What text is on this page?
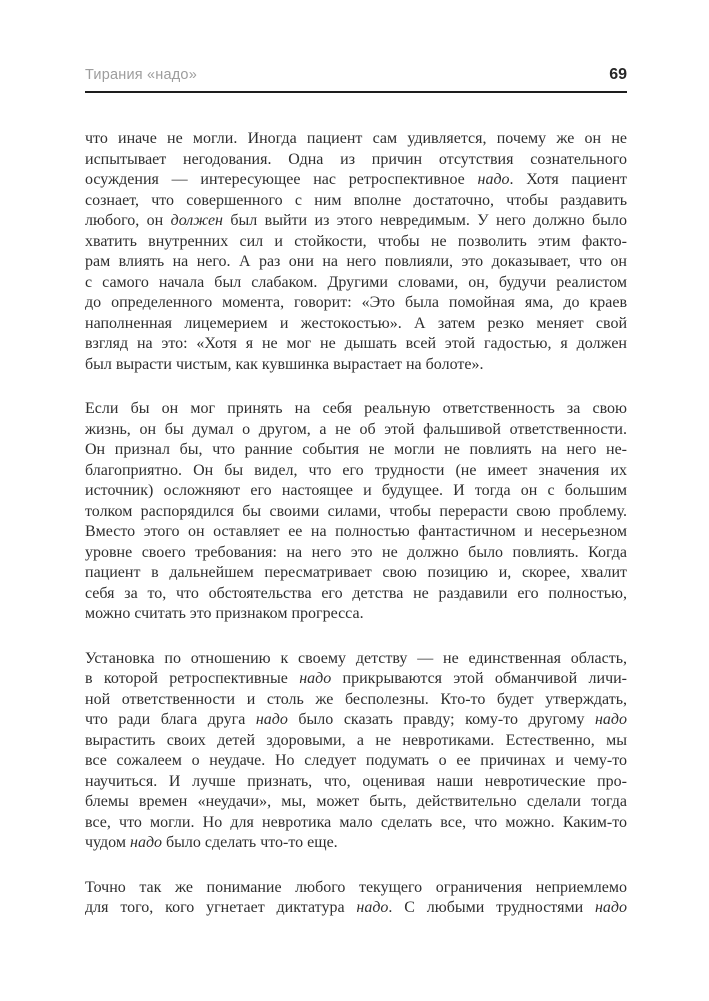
Тирания «надо»	69
что иначе не могли. Иногда пациент сам удивляется, почему же он не
испытывает негодования. Одна из причин отсутствия сознательного
осуждения — интересующее нас ретроспективное надо. Хотя пациент
сознает, что совершенного с ним вполне достаточно, чтобы раздавить
любого, он должен был выйти из этого невредимым. У него должно было
хватить внутренних сил и стойкости, чтобы не позволить этим факто-
рам влиять на него. А раз они на него повлияли, это доказывает, что он
с самого начала был слабаком. Другими словами, он, будучи реалистом
до определенного момента, говорит: «Это была помойная яма, до краев
наполненная лицемерием и жестокостью». А затем резко меняет свой
взгляд на это: «Хотя я не мог не дышать всей этой гадостью, я должен
был вырасти чистым, как кувшинка вырастает на болоте».
Если бы он мог принять на себя реальную ответственность за свою
жизнь, он бы думал о другом, а не об этой фальшивой ответственности.
Он признал бы, что ранние события не могли не повлиять на него не-
благоприятно. Он бы видел, что его трудности (не имеет значения их
источник) осложняют его настоящее и будущее. И тогда он с большим
толком распорядился бы своими силами, чтобы перерасти свою проблему.
Вместо этого он оставляет ее на полностью фантастичном и несерьезном
уровне своего требования: на него это не должно было повлиять. Когда
пациент в дальнейшем пересматривает свою позицию и, скорее, хвалит
себя за то, что обстоятельства его детства не раздавили его полностью,
можно считать это признаком прогресса.
Установка по отношению к своему детству — не единственная область,
в которой ретроспективные надо прикрываются этой обманчивой личи-
ной ответственности и столь же бесполезны. Кто-то будет утверждать,
что ради блага друга надо было сказать правду; кому-то другому надо
вырастить своих детей здоровыми, а не невротиками. Естественно, мы
все сожалеем о неудаче. Но следует подумать о ее причинах и чему-то
научиться. И лучше признать, что, оценивая наши невротические про-
блемы времен «неудачи», мы, может быть, действительно сделали тогда
все, что могли. Но для невротика мало сделать все, что можно. Каким-то
чудом надо было сделать что-то еще.
Точно так же понимание любого текущего ограничения неприемлемо
для того, кого угнетает диктатура надо. С любыми трудностями надо
